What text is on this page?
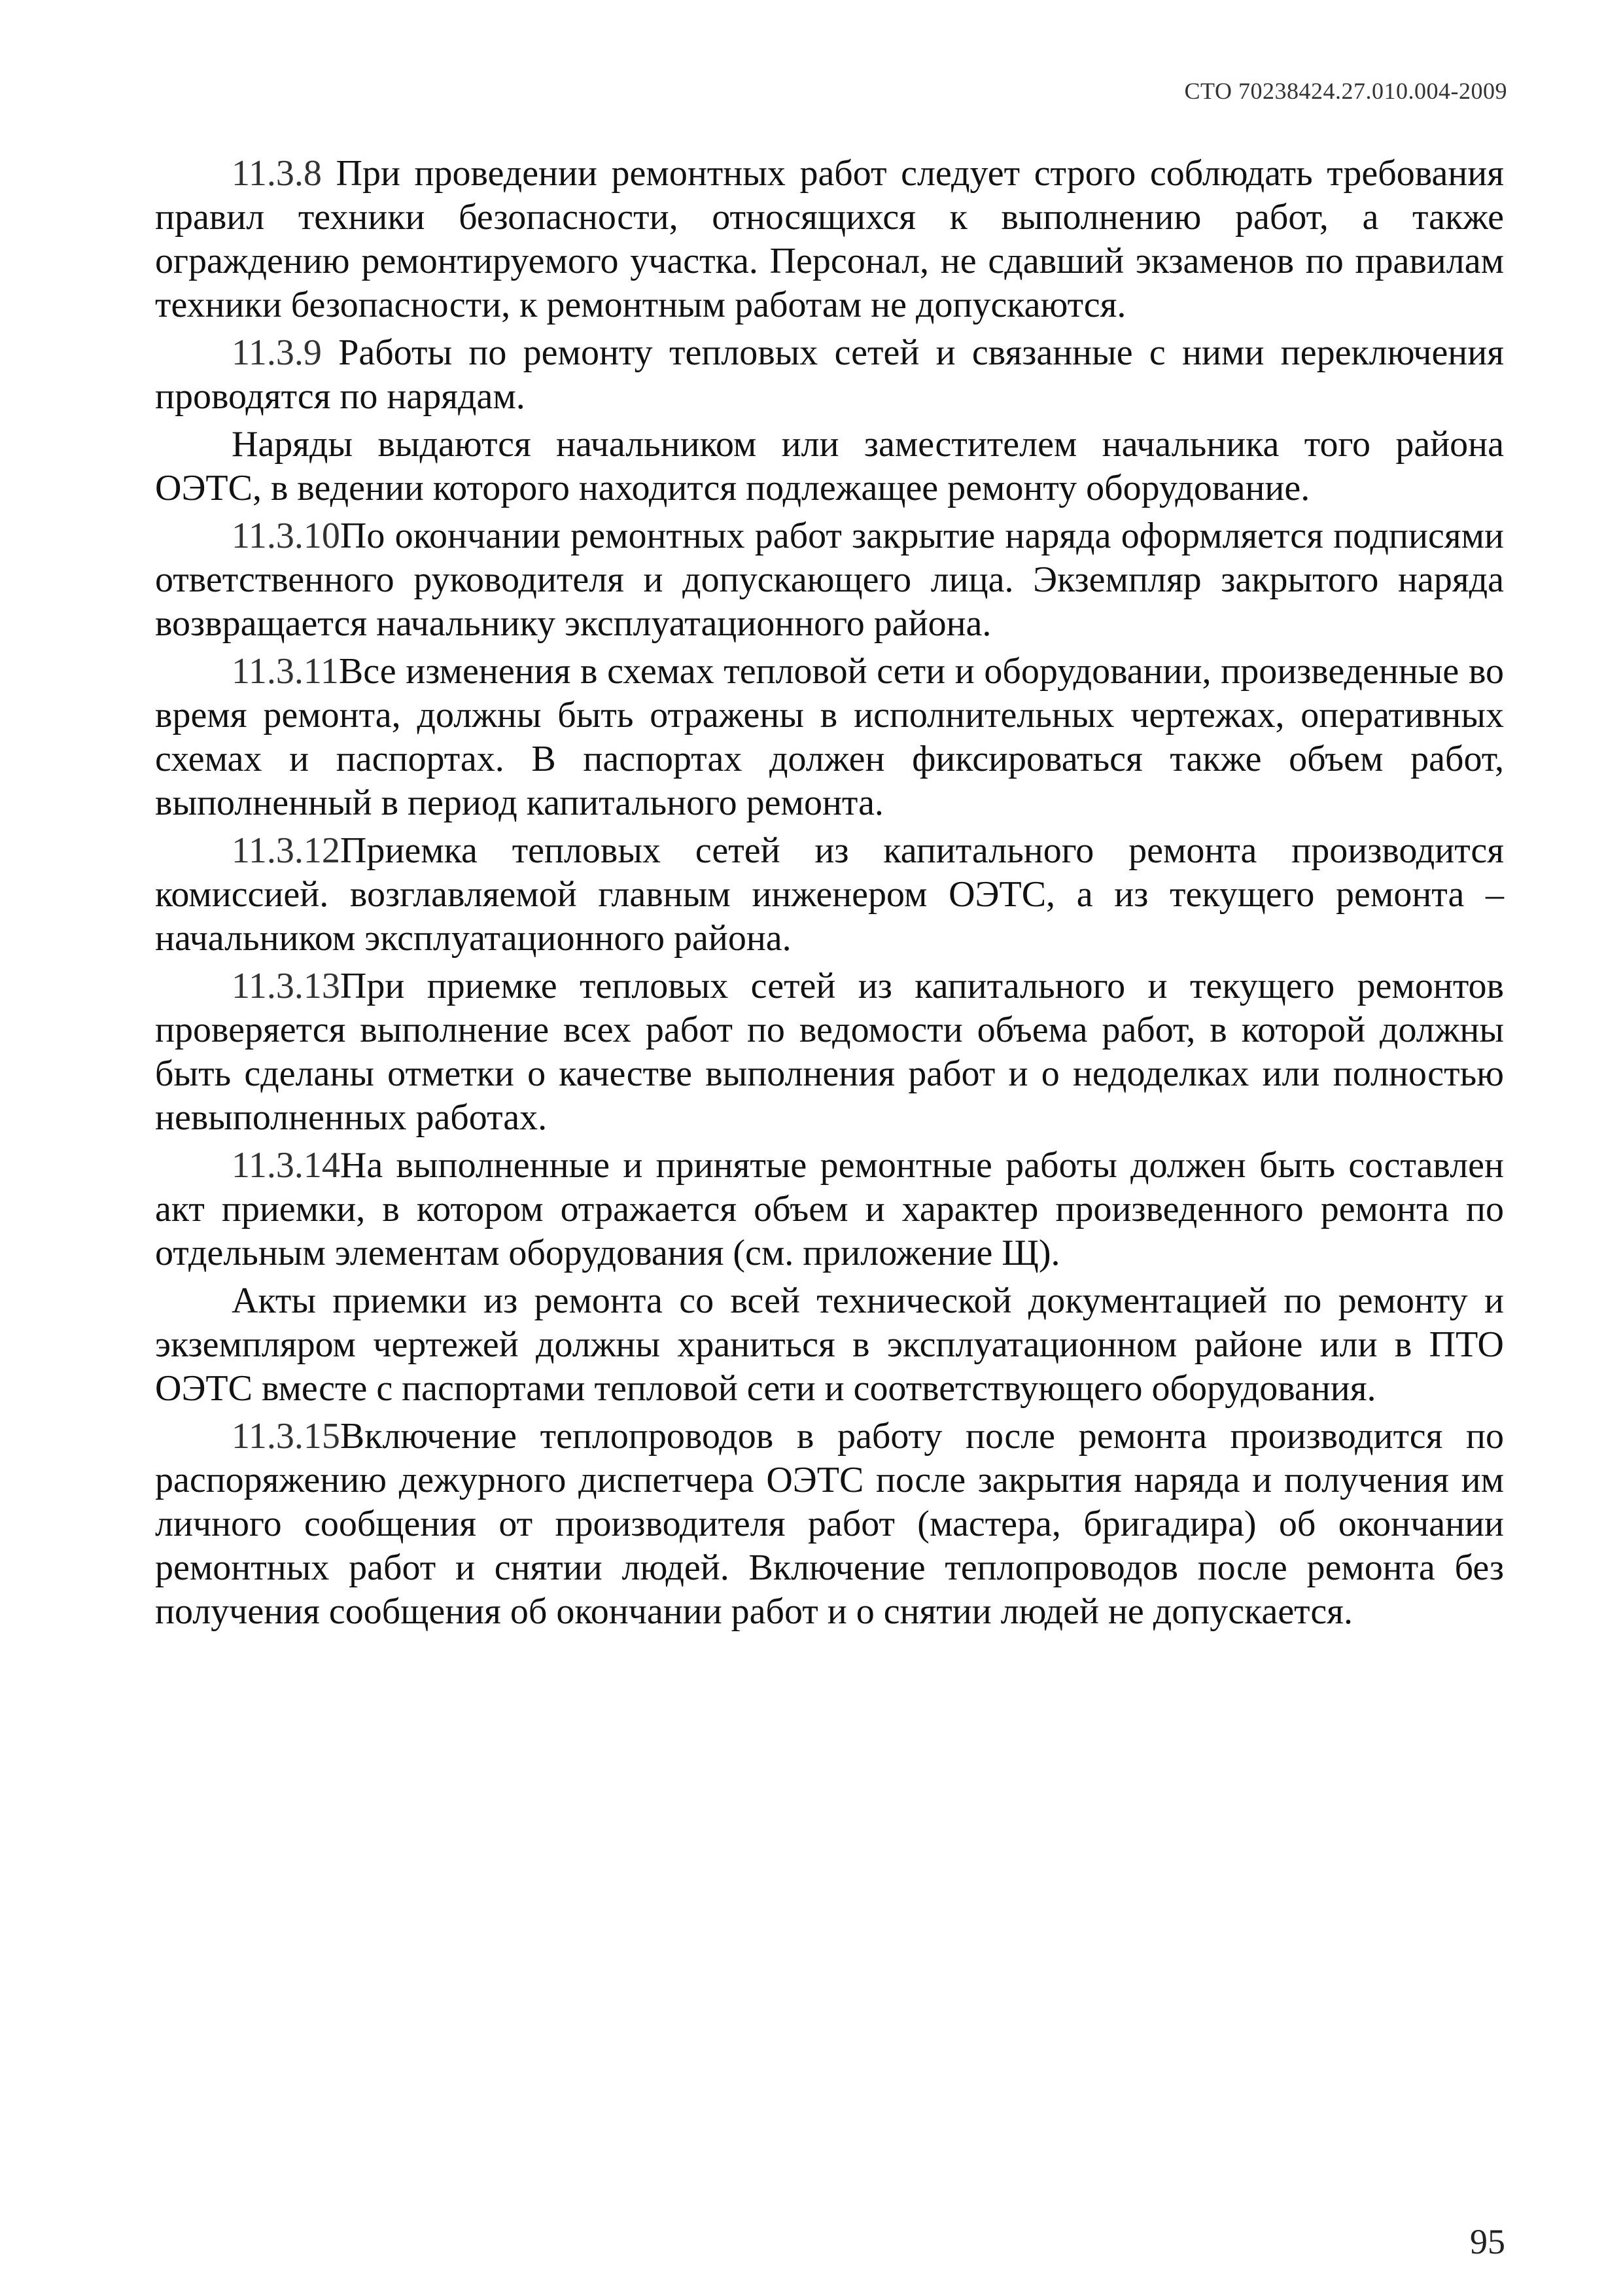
СТО 70238424.27.010.004-2009

11.3.8 При проведении ремонтных работ следует строго соблюдать требования правил техники безопасности, относящихся к выполнению работ, а также ограждению ремонтируемого участка. Персонал, не сдавший экзаменов по правилам техники безопасности, к ремонтным работам не допускаются.

11.3.9 Работы по ремонту тепловых сетей и связанные с ними переключения проводятся по нарядам.

Наряды выдаются начальником или заместителем начальника того района ОЭТС, в ведении которого находится подлежащее ремонту оборудование.

11.3.10По окончании ремонтных работ закрытие наряда оформляется подписями ответственного руководителя и допускающего лица. Экземпляр закрытого наряда возвращается начальнику эксплуатационного района.

11.3.11Все изменения в схемах тепловой сети и оборудовании, произведенные во время ремонта, должны быть отражены в исполнительных чертежах, оперативных схемах и паспортах. В паспортах должен фиксироваться также объем работ, выполненный в период капитального ремонта.

11.3.12Приемка тепловых сетей из капитального ремонта производится комиссией. возглавляемой главным инженером ОЭТС, а из текущего ремонта – начальником эксплуатационного района.

11.3.13При приемке тепловых сетей из капитального и текущего ремонтов проверяется выполнение всех работ по ведомости объема работ, в которой должны быть сделаны отметки о качестве выполнения работ и о недоделках или полностью невыполненных работах.

11.3.14На выполненные и принятые ремонтные работы должен быть составлен акт приемки, в котором отражается объем и характер произведенного ремонта по отдельным элементам оборудования (см. приложение Щ).

Акты приемки из ремонта со всей технической документацией по ремонту и экземпляром чертежей должны храниться в эксплуатационном районе или в ПТО ОЭТС вместе с паспортами тепловой сети и соответствующего оборудования.

11.3.15Включение теплопроводов в работу после ремонта производится по распоряжению дежурного диспетчера ОЭТС после закрытия наряда и получения им личного сообщения от производителя работ (мастера, бригадира) об окончании ремонтных работ и снятии людей. Включение теплопроводов после ремонта без получения сообщения об окончании работ и о снятии людей не допускается.

95
